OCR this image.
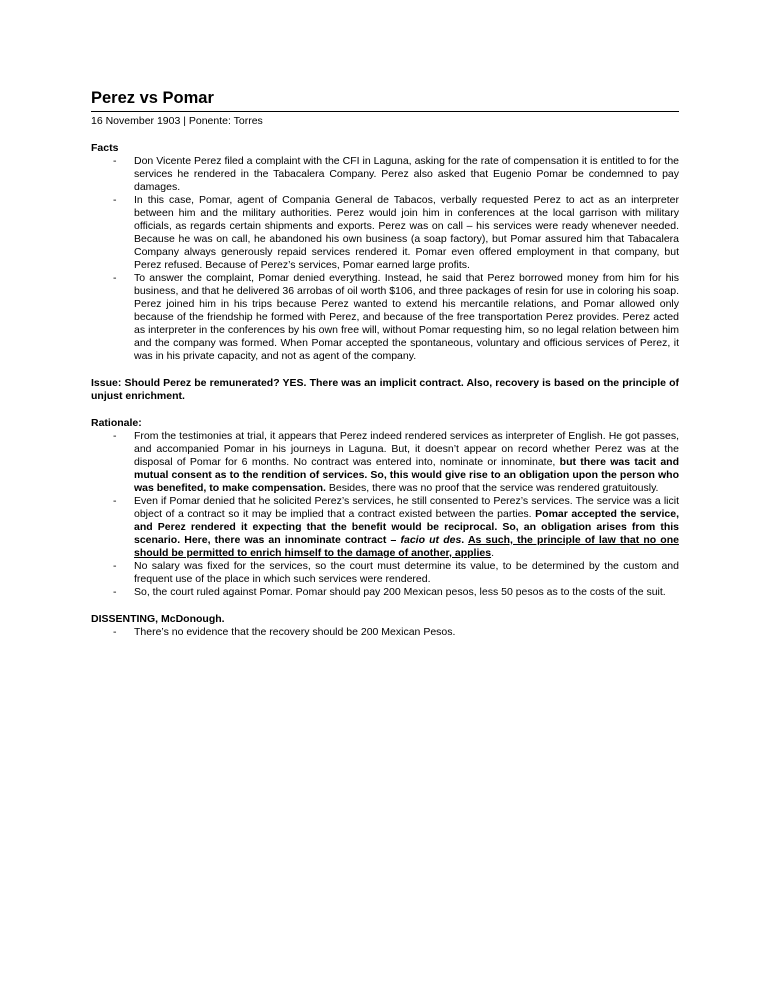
Perez vs Pomar
16 November 1903 | Ponente: Torres
Facts
- Don Vicente Perez filed a complaint with the CFI in Laguna, asking for the rate of compensation it is entitled to for the services he rendered in the Tabacalera Company. Perez also asked that Eugenio Pomar be condemned to pay damages.
- In this case, Pomar, agent of Compania General de Tabacos, verbally requested Perez to act as an interpreter between him and the military authorities. Perez would join him in conferences at the local garrison with military officials, as regards certain shipments and exports. Perez was on call – his services were ready whenever needed. Because he was on call, he abandoned his own business (a soap factory), but Pomar assured him that Tabacalera Company always generously repaid services rendered it. Pomar even offered employment in that company, but Perez refused. Because of Perez’s services, Pomar earned large profits.
- To answer the complaint, Pomar denied everything. Instead, he said that Perez borrowed money from him for his business, and that he delivered 36 arrobas of oil worth $106, and three packages of resin for use in coloring his soap. Perez joined him in his trips because Perez wanted to extend his mercantile relations, and Pomar allowed only because of the friendship he formed with Perez, and because of the free transportation Perez provides. Perez acted as interpreter in the conferences by his own free will, without Pomar requesting him, so no legal relation between him and the company was formed. When Pomar accepted the spontaneous, voluntary and officious services of Perez, it was in his private capacity, and not as agent of the company.
Issue: Should Perez be remunerated? YES. There was an implicit contract. Also, recovery is based on the principle of unjust enrichment.
Rationale:
- From the testimonies at trial, it appears that Perez indeed rendered services as interpreter of English. He got passes, and accompanied Pomar in his journeys in Laguna. But, it doesn’t appear on record whether Perez was at the disposal of Pomar for 6 months. No contract was entered into, nominate or innominate, but there was tacit and mutual consent as to the rendition of services. So, this would give rise to an obligation upon the person who was benefited, to make compensation. Besides, there was no proof that the service was rendered gratuitously.
- Even if Pomar denied that he solicited Perez’s services, he still consented to Perez’s services. The service was a licit object of a contract so it may be implied that a contract existed between the parties. Pomar accepted the service, and Perez rendered it expecting that the benefit would be reciprocal. So, an obligation arises from this scenario. Here, there was an innominate contract – facio ut des. As such, the principle of law that no one should be permitted to enrich himself to the damage of another, applies.
- No salary was fixed for the services, so the court must determine its value, to be determined by the custom and frequent use of the place in which such services were rendered.
- So, the court ruled against Pomar. Pomar should pay 200 Mexican pesos, less 50 pesos as to the costs of the suit.
DISSENTING, McDonough.
- There’s no evidence that the recovery should be 200 Mexican Pesos.
